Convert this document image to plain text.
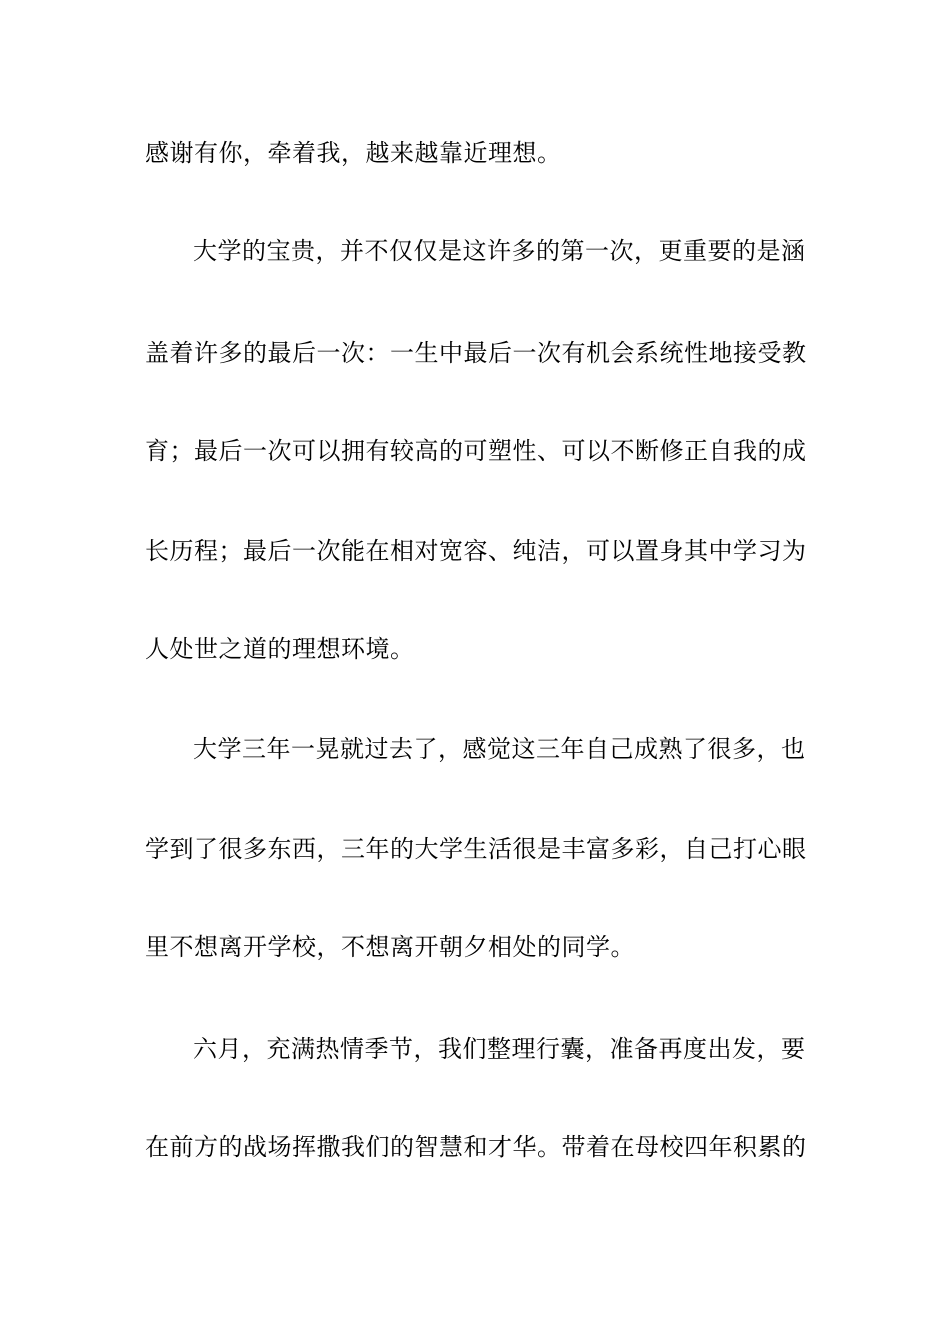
感谢有你，牵着我，越来越靠近理想。
大学的宝贵，并不仅仅是这许多的第一次，更重要的是涵
盖着许多的最后一次：一生中最后一次有机会系统性地接受教
育；最后一次可以拥有较高的可塑性、可以不断修正自我的成
长历程；最后一次能在相对宽容、纯洁，可以置身其中学习为
人处世之道的理想环境。
大学三年一晃就过去了，感觉这三年自己成熟了很多，也
学到了很多东西，三年的大学生活很是丰富多彩，自己打心眼
里不想离开学校，不想离开朝夕相处的同学。
六月，充满热情季节，我们整理行囊，准备再度出发，要
在前方的战场挥撒我们的智慧和才华。带着在母校四年积累的
